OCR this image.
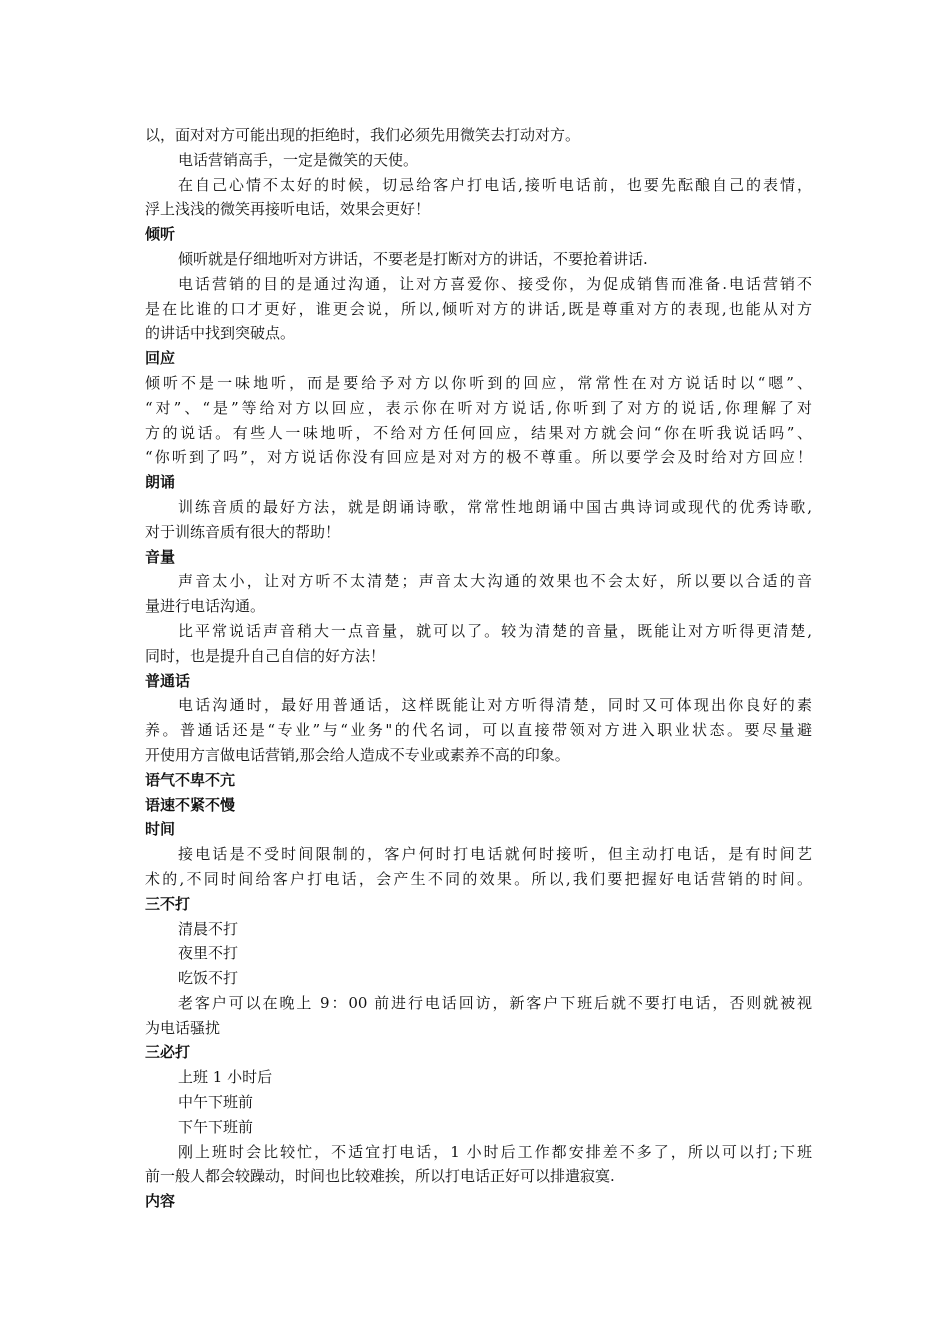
以，面对对方可能出现的拒绝时，我们必须先用微笑去打动对方。
电话营销高手，一定是微笑的天使。
在自己心情不太好的时候，切忌给客户打电话,接听电话前，也要先酝酿自己的表情，
浮上浅浅的微笑再接听电话，效果会更好！
倾听
倾听就是仔细地听对方讲话，不要老是打断对方的讲话，不要抢着讲话.
电话营销的目的是通过沟通，让对方喜爱你、接受你，为促成销售而准备.电话营销不
是在比谁的口才更好，谁更会说，所以,倾听对方的讲话,既是尊重对方的表现,也能从对方
的讲话中找到突破点。
回应
倾听不是一味地听，而是要给予对方以你听到的回应，常常性在对方说话时以“嗯”、
“对”、“是”等给对方以回应，表示你在听对方说话,你听到了对方的说话,你理解了对
方的说话。有些人一味地听，不给对方任何回应，结果对方就会问“你在听我说话吗”、
“你听到了吗”，对方说话你没有回应是对对方的极不尊重。所以要学会及时给对方回应！
朗诵
训练音质的最好方法，就是朗诵诗歌，常常性地朗诵中国古典诗词或现代的优秀诗歌,
对于训练音质有很大的帮助！
音量
声音太小，让对方听不太清楚；声音太大沟通的效果也不会太好，所以要以合适的音
量进行电话沟通。
比平常说话声音稍大一点音量，就可以了。较为清楚的音量，既能让对方听得更清楚,
同时，也是提升自己自信的好方法！
普通话
电话沟通时，最好用普通话，这样既能让对方听得清楚，同时又可体现出你良好的素
养。普通话还是“专业”与“业务"的代名词，可以直接带领对方进入职业状态。要尽量避
开使用方言做电话营销,那会给人造成不专业或素养不高的印象。
语气不卑不亢
语速不紧不慢
时间
接电话是不受时间限制的，客户何时打电话就何时接听，但主动打电话，是有时间艺
术的,不同时间给客户打电话，会产生不同的效果。所以,我们要把握好电话营销的时间。
三不打
清晨不打
夜里不打
吃饭不打
老客户可以在晚上 9：00 前进行电话回访，新客户下班后就不要打电话，否则就被视
为电话骚扰
三必打
上班 1 小时后
中午下班前
下午下班前
刚上班时会比较忙，不适宜打电话，1 小时后工作都安排差不多了，所以可以打;下班
前一般人都会较躁动，时间也比较难挨，所以打电话正好可以排遣寂寞.
内容
